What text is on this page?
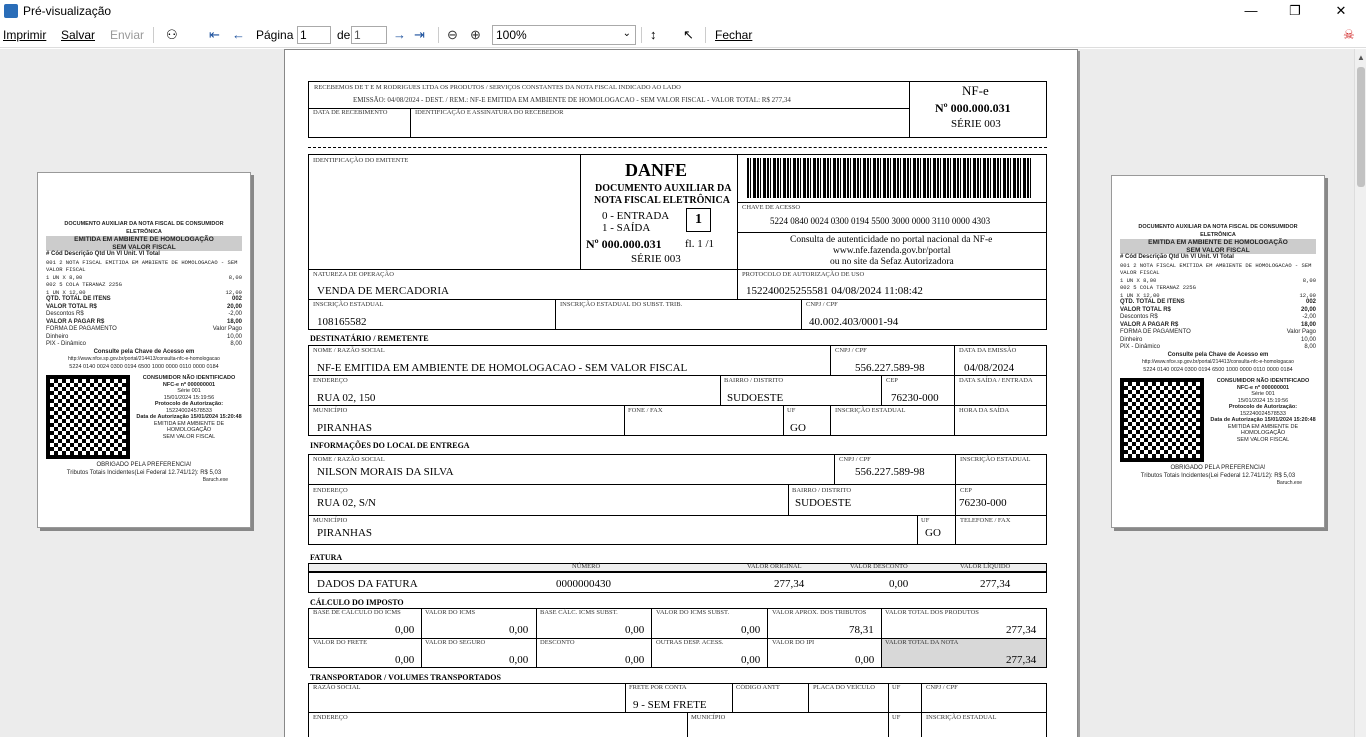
Pré-visualização	—	❐	✕
Imprimir Salvar Enviar ⚇ ⇤ ← Página
1	de
1	→ ⇥ ⊖ ⊕	100%	⌄ ↕ ↖ Fechar	☠
DOCUMENTO AUXILIAR DA NOTA FISCAL DE CONSUMIDOR ELETRÔNICA
EMITIDA EM AMBIENTE DE HOMOLOGAÇÃO
SEM VALOR FISCAL
# Cód Descrição Qtd Un Vl Unit. Vl Total
001 2 NOTA FISCAL EMITIDA EM AMBIENTE DE HOMOLOGACAO - SEM VALOR FISCAL
1 UN X 8,00	8,00
002 5 COLA TERANAZ 225G
1 UN X 12,00	12,00
QTD. TOTAL DE ITENS	002
VALOR TOTAL R$	20,00
Descontos R$	-2,00
VALOR A PAGAR R$	18,00
FORMA DE PAGAMENTO	Valor Pago
Dinheiro	10,00
PIX - Dinâmico	8,00
Consulte pela Chave de Acesso em
http://www.nfce.sp.gov.br/portal/214413/consulta-nfc-e-homologacao
5224 0140 0024 0300 0194 6500 1000 0000 0110 0000 0184
CONSUMIDOR NÃO IDENTIFICADO
NFC-e nº 000000001
Série 001
15/01/2024 15:19:56
Protocolo de Autorização:
152240024578533
Data de Autorização 15/01/2024 15:20:48
EMITIDA EM AMBIENTE DE HOMOLOGAÇÃO
SEM VALOR FISCAL
OBRIGADO PELA PREFERENCIA!
Tributos Totais Incidentes(Lei Federal 12.741/12): R$ 5,03
Baruch.exe
DOCUMENTO AUXILIAR DA NOTA FISCAL DE CONSUMIDOR ELETRÔNICA
EMITIDA EM AMBIENTE DE HOMOLOGAÇÃO
SEM VALOR FISCAL
# Cód Descrição Qtd Un Vl Unit. Vl Total
001 2 NOTA FISCAL EMITIDA EM AMBIENTE DE HOMOLOGACAO - SEM VALOR FISCAL
1 UN X 8,00	8,00
002 5 COLA TERANAZ 225G
1 UN X 12,00	12,00
QTD. TOTAL DE ITENS	002
VALOR TOTAL R$	20,00
Descontos R$	-2,00
VALOR A PAGAR R$	18,00
FORMA DE PAGAMENTO	Valor Pago
Dinheiro	10,00
PIX - Dinâmico	8,00
Consulte pela Chave de Acesso em
http://www.nfce.sp.gov.br/portal/214413/consulta-nfc-e-homologacao
5224 0140 0024 0300 0194 6500 1000 0000 0110 0000 0184
CONSUMIDOR NÃO IDENTIFICADO
NFC-e nº 000000001
Série 001
15/01/2024 15:19:56
Protocolo de Autorização:
152240024578533
Data de Autorização 15/01/2024 15:20:48
EMITIDA EM AMBIENTE DE HOMOLOGAÇÃO
SEM VALOR FISCAL
OBRIGADO PELA PREFERENCIA!
Tributos Totais Incidentes(Lei Federal 12.741/12): R$ 5,03
Baruch.exe
RECEBEMOS DE T E M RODRIGUES LTDA OS PRODUTOS / SERVIÇOS CONSTANTES DA NOTA FISCAL INDICADO AO LADO
EMISSÃO: 04/08/2024 - DEST. / REM.: NF-E EMITIDA EM AMBIENTE DE HOMOLOGACAO - SEM VALOR FISCAL - VALOR TOTAL: R$ 277,34
DATA DE RECEBIMENTO	IDENTIFICAÇÃO E ASSINATURA DO RECEBEDOR
NF-e
Nº 000.000.031
SÉRIE 003
IDENTIFICAÇÃO DO EMITENTE	DANFE
DOCUMENTO AUXILIAR DA
NOTA FISCAL ELETRÔNICA
0 - ENTRADA
1 - SAÍDA
1
Nº 000.000.031 fl. 1 /1
SÉRIE 003
CHAVE DE ACESSO
5224 0840 0024 0300 0194 5500 3000 0000 3110 0000 4303
Consulta de autenticidade no portal nacional da NF-e
www.nfe.fazenda.gov.br/portal
ou no site da Sefaz Autorizadora
NATUREZA DE OPERAÇÃO
VENDA DE MERCADORIA
PROTOCOLO DE AUTORIZAÇÃO DE USO
152240025255581 04/08/2024 11:08:42
INSCRIÇÃO ESTADUAL
108165582
INSCRIÇÃO ESTADUAL DO SUBST. TRIB.	CNPJ / CPF
40.002.403/0001-94
DESTINATÁRIO / REMETENTE
NOME / RAZÃO SOCIAL
NF-E EMITIDA EM AMBIENTE DE HOMOLOGACAO - SEM VALOR FISCAL
CNPJ / CPF
556.227.589-98
DATA DA EMISSÃO
04/08/2024
ENDEREÇO
RUA 02, 150
BAIRRO / DISTRITO
SUDOESTE
CEP
76230-000
DATA SAÍDA / ENTRADA
MUNICÍPIO
PIRANHAS
FONE / FAX	UF
GO
INSCRIÇÃO ESTADUAL	HORA DA SAÍDA
INFORMAÇÕES DO LOCAL DE ENTREGA
NOME / RAZÃO SOCIAL
NILSON MORAIS DA SILVA
CNPJ / CPF
556.227.589-98
INSCRIÇÃO ESTADUAL
ENDEREÇO
RUA 02, S/N
BAIRRO / DISTRITO
SUDOESTE
CEP
76230-000
MUNICÍPIO
PIRANHAS
UF
GO
TELEFONE / FAX
FATURA
NÚMERO	VALOR ORIGINAL	VALOR DESCONTO	VALOR LÍQUIDO
DADOS DA FATURA	0000000430	277,34	0,00	277,34
CÁLCULO DO IMPOSTO
BASE DE CÁLCULO DO ICMS
0,00
VALOR DO ICMS
0,00
BASE CÁLC. ICMS SUBST.
0,00
VALOR DO ICMS SUBST.
0,00
VALOR APROX. DOS TRIBUTOS
78,31
VALOR TOTAL DOS PRODUTOS
277,34
VALOR DO FRETE
0,00
VALOR DO SEGURO
0,00
DESCONTO
0,00
OUTRAS DESP. ACESS.
0,00
VALOR DO IPI
0,00
VALOR TOTAL DA NOTA
277,34
TRANSPORTADOR / VOLUMES TRANSPORTADOS
RAZÃO SOCIAL	FRETE POR CONTA
9 - SEM FRETE
CÓDIGO ANTT	PLACA DO VEÍCULO	UF	CNPJ / CPF
ENDEREÇO	MUNICÍPIO	UF	INSCRIÇÃO ESTADUAL
▲
